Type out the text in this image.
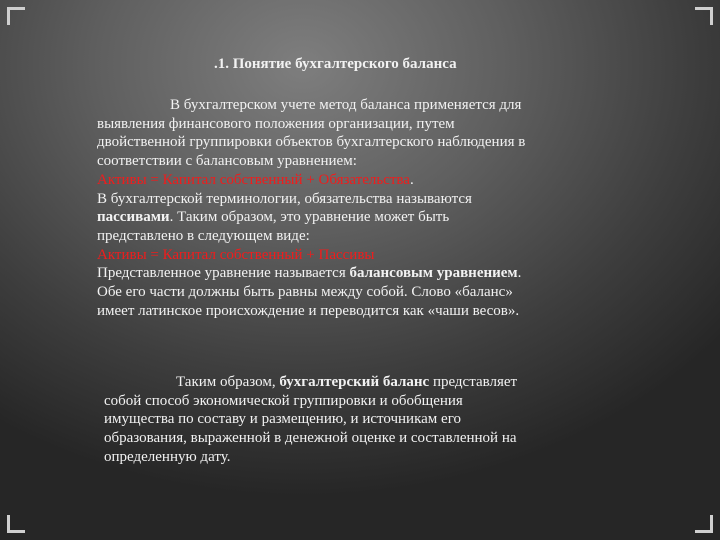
.1. Понятие бухгалтерского баланса
В бухгалтерском учете метод баланса применяется для
выявления финансового положения организации, путем
двойственной группировки объектов бухгалтерского наблюдения в
соответствии с балансовым уравнением:
Активы = Капитал собственный + Обязательства.
В бухгалтерской терминологии, обязательства называются
пассивами. Таким образом, это уравнение может быть
представлено в следующем виде:
Активы = Капитал собственный + Пассивы
Представленное уравнение называется балансовым уравнением.
Обе его части должны быть равны между собой. Слово «баланс»
имеет латинское происхождение и переводится как «чаши весов».
Таким образом, бухгалтерский баланс представляет
собой способ экономической группировки и обобщения
имущества по составу и размещению, и источникам его
образования, выраженной в денежной оценке и составленной на
определенную дату.
